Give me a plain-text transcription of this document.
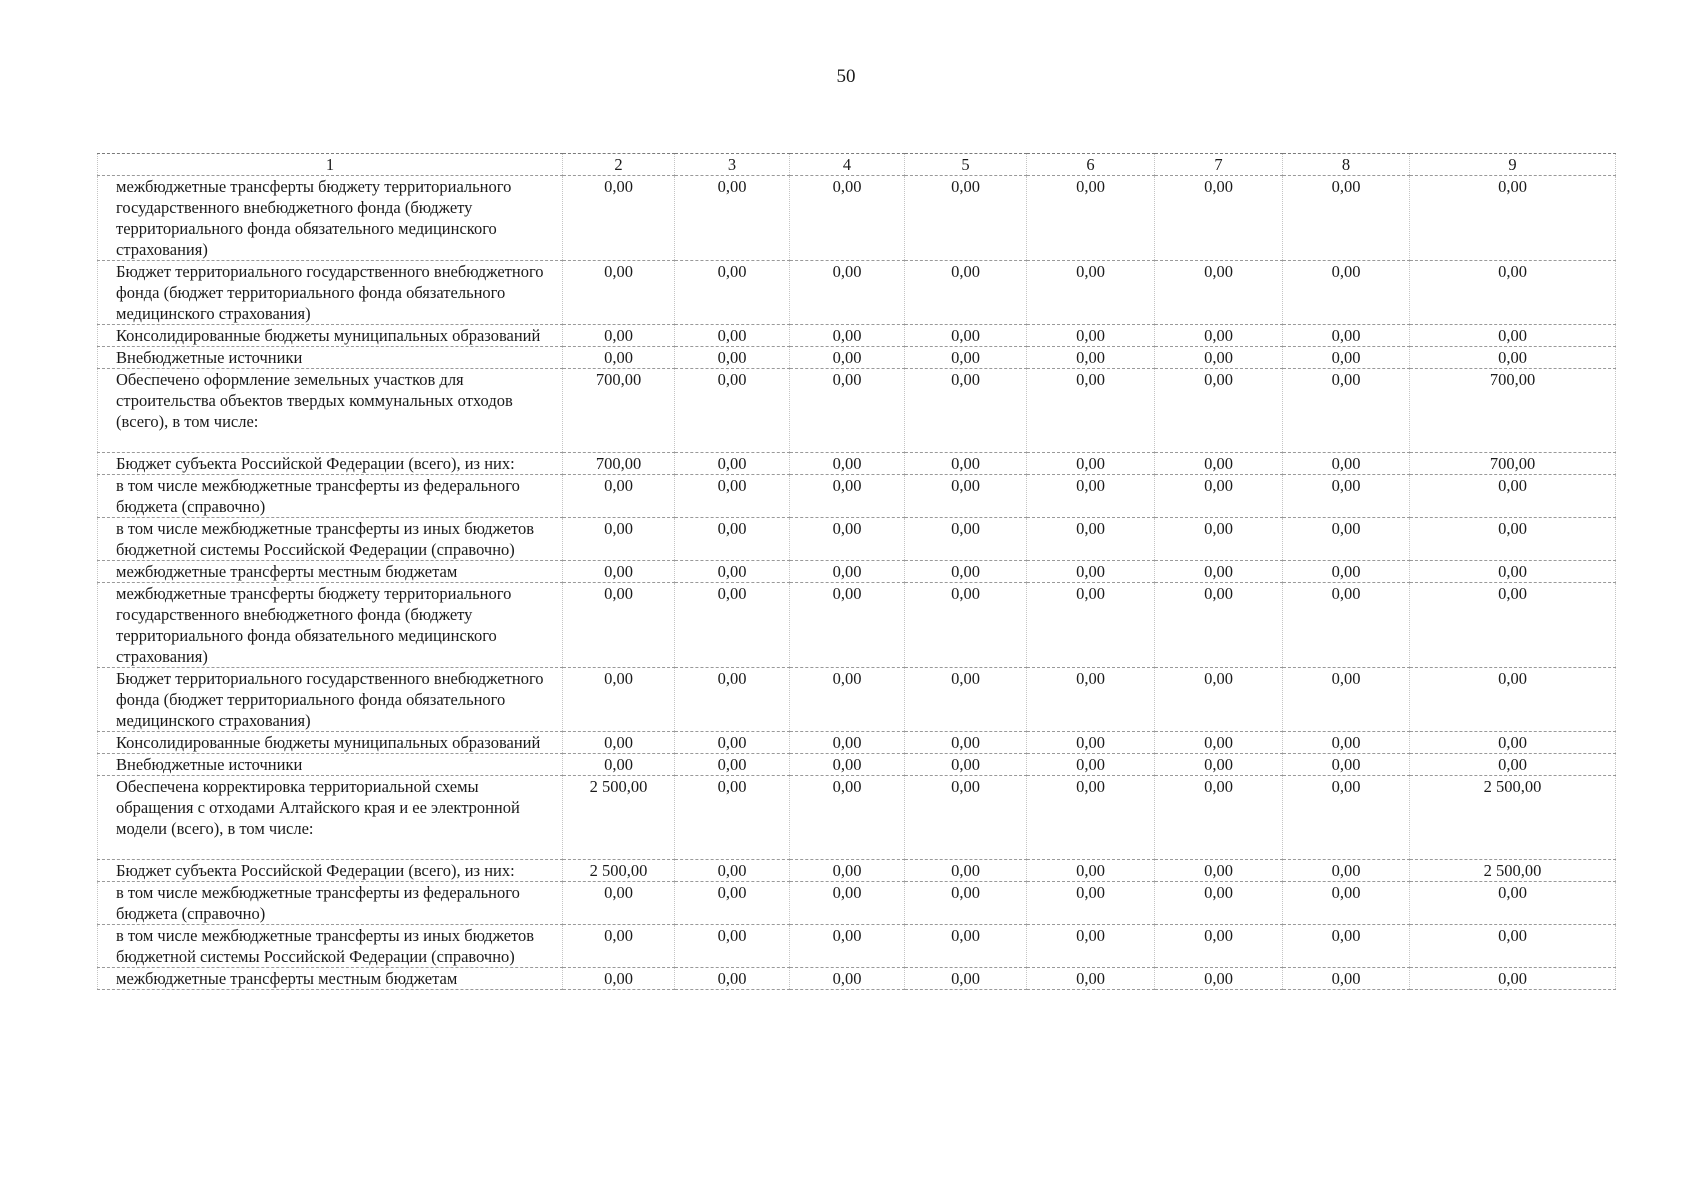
50
1	2	3	4	5	6	7	8	9
межбюджетные трансферты бюджету территориального государственного внебюджетного фонда (бюджету территориального фонда обязательного медицинского страхования)	0,00	0,00	0,00	0,00	0,00	0,00	0,00	0,00
Бюджет территориального государственного внебюджетного фонда (бюджет территориального фонда обязательного медицинского страхования)	0,00	0,00	0,00	0,00	0,00	0,00	0,00	0,00
Консолидированные бюджеты муниципальных образований	0,00	0,00	0,00	0,00	0,00	0,00	0,00	0,00
Внебюджетные источники	0,00	0,00	0,00	0,00	0,00	0,00	0,00	0,00
Обеспечено оформление земельных участков для строительства объектов твердых коммунальных отходов (всего), в том числе:	700,00	0,00	0,00	0,00	0,00	0,00	0,00	700,00
Бюджет субъекта Российской Федерации (всего), из них:	700,00	0,00	0,00	0,00	0,00	0,00	0,00	700,00
в том числе межбюджетные трансферты из федерального бюджета (справочно)	0,00	0,00	0,00	0,00	0,00	0,00	0,00	0,00
в том числе межбюджетные трансферты из иных бюджетов бюджетной системы Российской Федерации (справочно)	0,00	0,00	0,00	0,00	0,00	0,00	0,00	0,00
межбюджетные трансферты местным бюджетам	0,00	0,00	0,00	0,00	0,00	0,00	0,00	0,00
межбюджетные трансферты бюджету территориального государственного внебюджетного фонда (бюджету территориального фонда обязательного медицинского страхования)	0,00	0,00	0,00	0,00	0,00	0,00	0,00	0,00
Бюджет территориального государственного внебюджетного фонда (бюджет территориального фонда обязательного медицинского страхования)	0,00	0,00	0,00	0,00	0,00	0,00	0,00	0,00
Консолидированные бюджеты муниципальных образований	0,00	0,00	0,00	0,00	0,00	0,00	0,00	0,00
Внебюджетные источники	0,00	0,00	0,00	0,00	0,00	0,00	0,00	0,00
Обеспечена корректировка территориальной схемы обращения с отходами Алтайского края и ее электронной модели (всего), в том числе:	2 500,00	0,00	0,00	0,00	0,00	0,00	0,00	2 500,00
Бюджет субъекта Российской Федерации (всего), из них:	2 500,00	0,00	0,00	0,00	0,00	0,00	0,00	2 500,00
в том числе межбюджетные трансферты из федерального бюджета (справочно)	0,00	0,00	0,00	0,00	0,00	0,00	0,00	0,00
в том числе межбюджетные трансферты из иных бюджетов бюджетной системы Российской Федерации (справочно)	0,00	0,00	0,00	0,00	0,00	0,00	0,00	0,00
межбюджетные трансферты местным бюджетам	0,00	0,00	0,00	0,00	0,00	0,00	0,00	0,00
